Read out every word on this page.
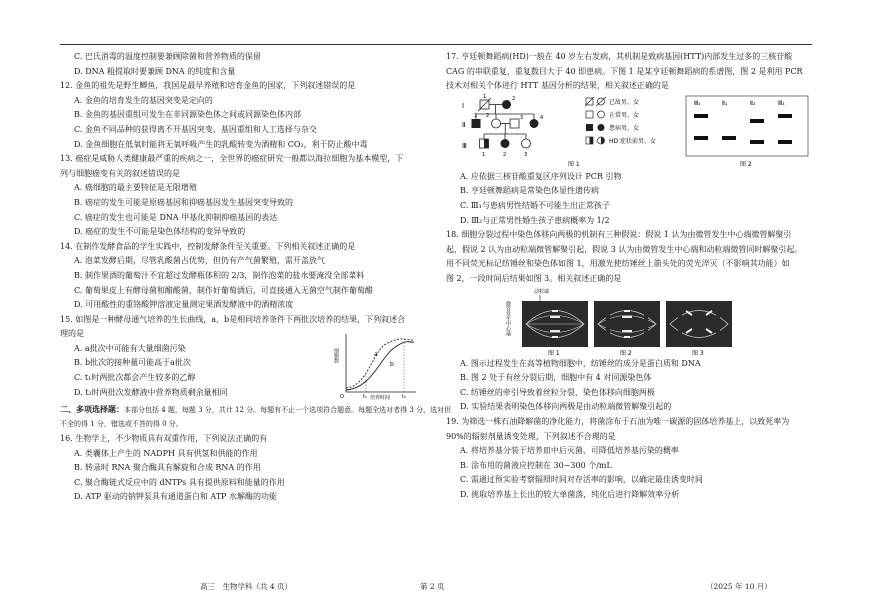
C. 巴氏消毒的温度控制要兼顾除菌和营养物质的保留
D. DNA 粗提取时要兼顾 DNA 的纯度和含量
12. 金鱼的祖先是野生鲫鱼，我国是最早养殖和培育金鱼的国家，下列叙述错误的是
A. 金鱼的培育发生的基因突变是定向的
B. 金鱼的基因重组可发生在非同源染色体之间或同源染色体内部
C. 金鱼不同品种的获得离不开基因突变、基因重组和人工选择与杂交
D. 金鱼细胞在低氧时能将无氧呼吸产生的乳酸转变为酒精和 CO₂，利于防止酸中毒
13. 癌症是威胁人类健康最严重的疾病之一，全世界的癌症研究一般都以海拉细胞为基本模型，下
列与细胞癌变有关的叙述错误的是
A. 癌细胞的最主要特征是无限增殖
B. 癌症的发生可能是原癌基因和抑癌基因发生基因突变导致的
C. 癌症的发生也可能是 DNA 甲基化抑制抑癌基因的表达
D. 癌症的发生不可能是染色体结构的变异导致的
14. 在制作发酵食品的学生实践中，控制发酵条件至关重要。下列相关叙述正确的是
A. 泡菜发酵后期，尽管乳酸菌占优势，但仍有产气菌繁殖，需开盖放气
B. 制作果酒的葡萄汁不宜超过发酵瓶体积的 2/3，制作泡菜的盐水要淹没全部菜料
C. 葡萄果皮上有酵母菌和醋酸菌，制作好葡萄酒后，可直接通入无菌空气制作葡萄醋
D. 可用酸性的重铬酸钾溶液定量测定果酒发酵液中的酒精浓度
15. 如图是一种酵母通气培养的生长曲线，a、b是相同培养条件下两批次培养的结果，下列叙述合
理的是
A. a批次中可能有大量细菌污染
B. b批次的接种量可能高于a批次
C. t₁时两批次都会产生较多的乙醇
D. t₂时两批次发酵液中营养物质剩余量相同
细胞数	a
b
O	t₁	t₂
培养时间
二、多项选择题：本部分包括 4 题，每题 3 分，共计 12 分。每题有不止一个选项符合题意。每题全选对者得 3 分，选对但
不全的得 1 分，错选或不答的得 0 分。
16. 生物学上，不少物质具有双重作用，下列说法正确的有
A. 类囊体上产生的 NADPH 具有供氢和供能的作用
B. 转录时 RNA 聚合酶具有解旋和合成 RNA 的作用
C. 聚合酶链式反应中的 dNTPs 具有提供原料和能量的作用
D. ATP 驱动的钠钾泵具有通道蛋白和 ATP 水解酶的功能
17. 亨廷顿舞蹈病(HD)一般在 40 岁左右发病，其机制是致病基因(HTT)内部发生过多的三核苷酸
CAG 的串联重复，重复数目大于 40 即患病。下图 1 是某亨廷顿舞蹈病的系谱图，图 2 是利用 PCR
技术对相关个体进行 HTT 基因分析的结果，相关叙述正确的是
Ⅰ
Ⅱ
Ⅲ
1 2	3	4
1	2
1	2	3
已故男、女
正常男、女
患病男、女
HD 症状前男、女
图 1
Ⅲ₁	Ⅱ₁	Ⅱ₂	Ⅲ₃
图 2
A. 应依据三核苷酸重复区序列设计 PCR 引物
B. 亨廷顿舞蹈病是常染色体显性遗传病
C. Ⅲ₁与患病男性结婚不可能生出正常孩子
D. Ⅲ₂与正常男性婚生孩子患病概率为 1/2
18. 细胞分裂过程中染色体移向两极的机制有三种假说：假说 1 认为由微管发生中心端微管解聚引
起，假说 2 认为由动粒端微管解聚引起，假说 3 认为由微管发生中心端和动粒端微管同时解聚引起。
用不同荧光标记纺锤丝和染色体如图 1，用激光使纺锤丝上箭头处的荧光淬灭（不影响其功能）如
图 2，一段时间后结果如图 3。相关叙述正确的是
动粒端
微管发生中心端
图 1	图 2	图 3
A. 图示过程发生在高等植物细胞中，纺锤丝的成分是蛋白质和 DNA
B. 图 2 处于有丝分裂后期，细胞中有 4 对同源染色体
C. 纺锤丝的牵引导致着丝粒分裂，染色体移向细胞两极
D. 实验结果表明染色体移向两极是由动粒端微管解聚引起的
19. 为筛选一株石油降解菌的净化能力，将菌涂布于石油为唯一碳源的固体培养基上，以致死率为
90%的辐射剂量诱变处理，下列叙述不合理的是
A. 将培养基分装于培养皿中后灭菌，可降低培养基污染的概率
B. 涂布用的菌液应控制在 30~300 个/mL
C. 需通过预实验考察辐照时间对存活率的影响，以确定最佳诱变时间
D. 挑取培养基上长出的较大单菌落，纯化后进行降解效率分析
高三　生物学科（共 4 页）	第 2 页	（2025 年 10 月）
